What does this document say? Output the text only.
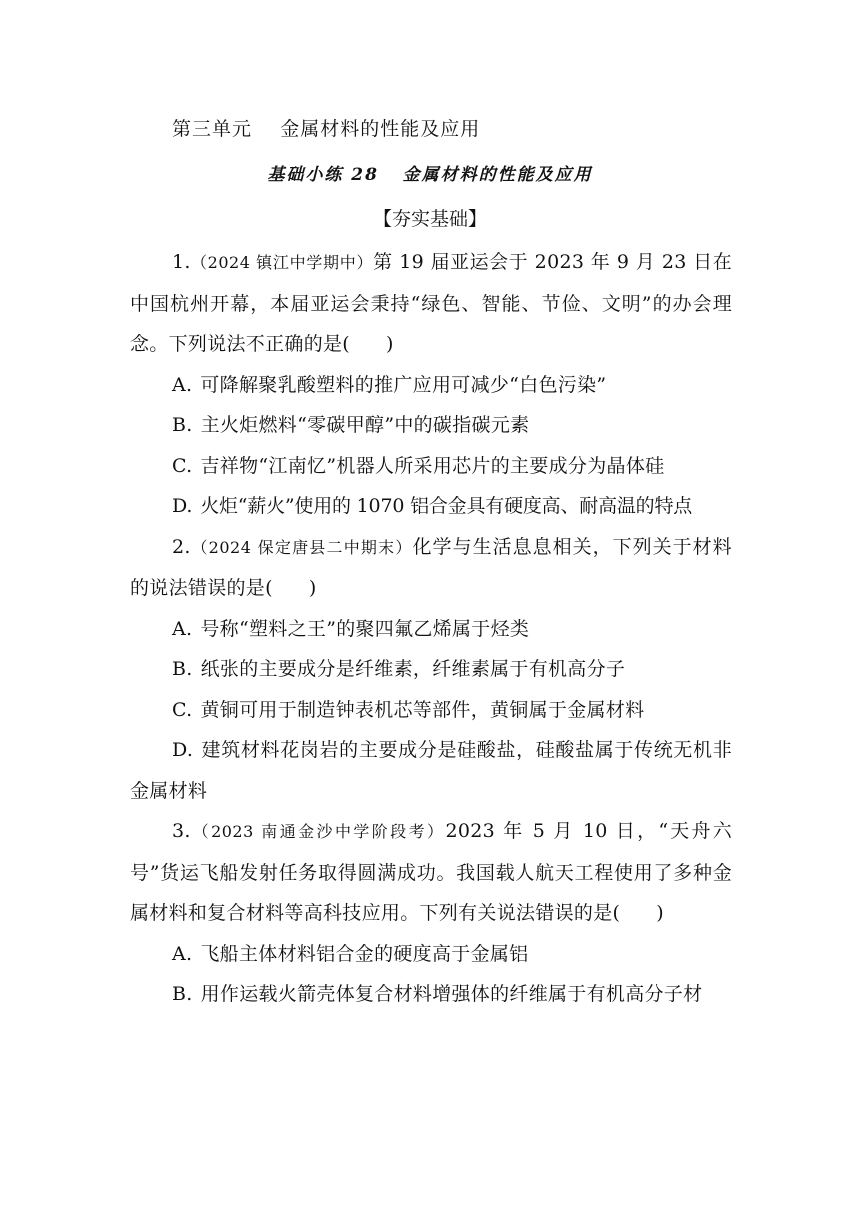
第三单元 金属材料的性能及应用
基础小练 28 金属材料的性能及应用
【夯实基础】

1.（2024 镇江中学期中）第 19 届亚运会于 2023 年 9 月 23 日在中国杭州开幕，本届亚运会秉持“绿色、智能、节俭、文明”的办会理念。下列说法不正确的是( )

A. 可降解聚乳酸塑料的推广应用可减少“白色污染”

B. 主火炬燃料“零碳甲醇”中的碳指碳元素

C. 吉祥物“江南忆”机器人所采用芯片的主要成分为晶体硅

D. 火炬“薪火”使用的 1070 铝合金具有硬度高、耐高温的特点

2.（2024 保定唐县二中期末）化学与生活息息相关，下列关于材料的说法错误的是( )

A. 号称“塑料之王”的聚四氟乙烯属于烃类

B. 纸张的主要成分是纤维素，纤维素属于有机高分子

C. 黄铜可用于制造钟表机芯等部件，黄铜属于金属材料

D. 建筑材料花岗岩的主要成分是硅酸盐，硅酸盐属于传统无机非金属材料

3.（2023 南通金沙中学阶段考）2023 年 5 月 10 日，“天舟六号”货运飞船发射任务取得圆满成功。我国载人航天工程使用了多种金属材料和复合材料等高科技应用。下列有关说法错误的是( )

A. 飞船主体材料铝合金的硬度高于金属铝

B. 用作运载火箭壳体复合材料增强体的纤维属于有机高分子材
